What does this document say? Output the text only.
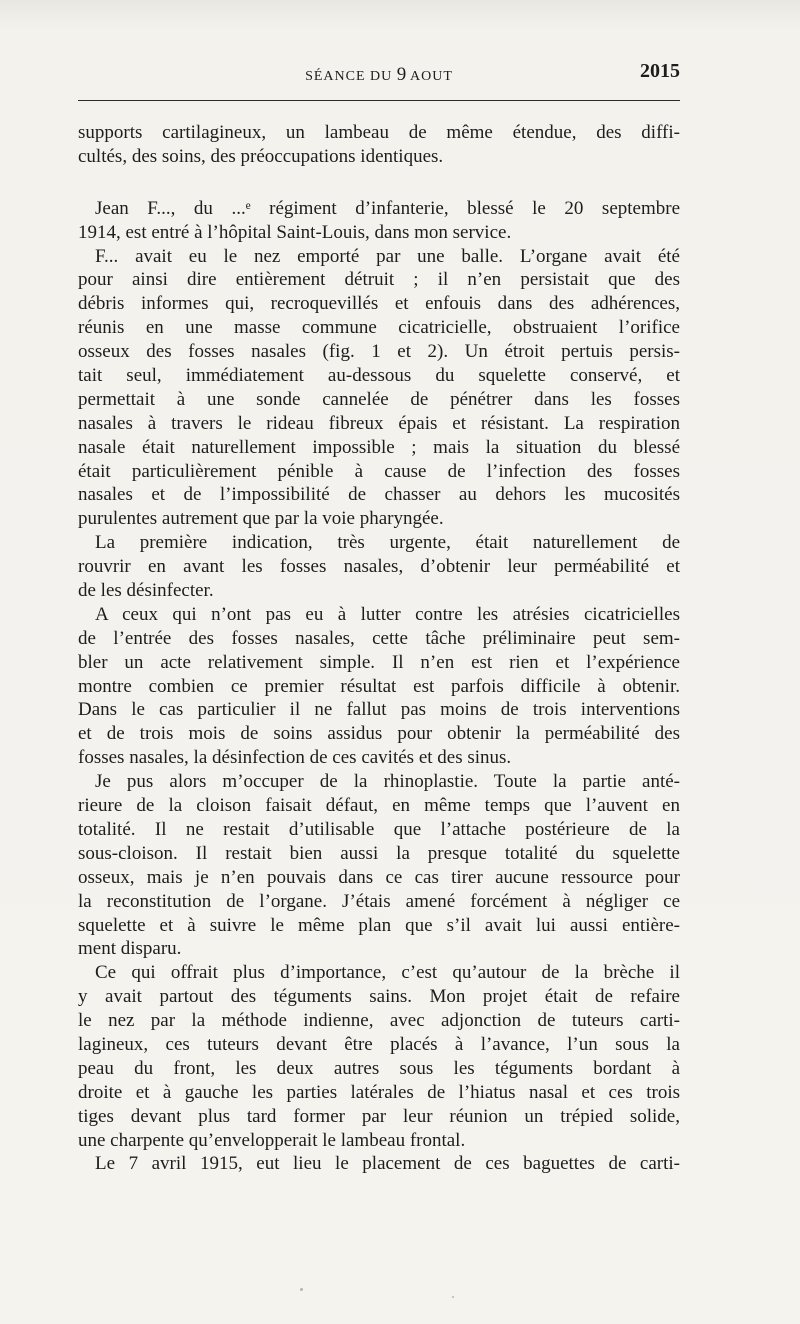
SÉANCE DU 9 AOUT	2015
supports cartilagineux, un lambeau de même étendue, des diffi-
cultés, des soins, des préoccupations identiques.
Jean F..., du ...ᵉ régiment d’infanterie, blessé le 20 septembre
1914, est entré à l’hôpital Saint-Louis, dans mon service.
F... avait eu le nez emporté par une balle. L’organe avait été
pour ainsi dire entièrement détruit ; il n’en persistait que des
débris informes qui, recroquevillés et enfouis dans des adhérences,
réunis en une masse commune cicatricielle, obstruaient l’orifice
osseux des fosses nasales (fig. 1 et 2). Un étroit pertuis persis-
tait seul, immédiatement au-dessous du squelette conservé, et
permettait à une sonde cannelée de pénétrer dans les fosses
nasales à travers le rideau fibreux épais et résistant. La respiration
nasale était naturellement impossible ; mais la situation du blessé
était particulièrement pénible à cause de l’infection des fosses
nasales et de l’impossibilité de chasser au dehors les mucosités
purulentes autrement que par la voie pharyngée.
La première indication, très urgente, était naturellement de
rouvrir en avant les fosses nasales, d’obtenir leur perméabilité et
de les désinfecter.
A ceux qui n’ont pas eu à lutter contre les atrésies cicatricielles
de l’entrée des fosses nasales, cette tâche préliminaire peut sem-
bler un acte relativement simple. Il n’en est rien et l’expérience
montre combien ce premier résultat est parfois difficile à obtenir.
Dans le cas particulier il ne fallut pas moins de trois interventions
et de trois mois de soins assidus pour obtenir la perméabilité des
fosses nasales, la désinfection de ces cavités et des sinus.
Je pus alors m’occuper de la rhinoplastie. Toute la partie anté-
rieure de la cloison faisait défaut, en même temps que l’auvent en
totalité. Il ne restait d’utilisable que l’attache postérieure de la
sous-cloison. Il restait bien aussi la presque totalité du squelette
osseux, mais je n’en pouvais dans ce cas tirer aucune ressource pour
la reconstitution de l’organe. J’étais amené forcément à négliger ce
squelette et à suivre le même plan que s’il avait lui aussi entière-
ment disparu.
Ce qui offrait plus d’importance, c’est qu’autour de la brèche il
y avait partout des téguments sains. Mon projet était de refaire
le nez par la méthode indienne, avec adjonction de tuteurs carti-
lagineux, ces tuteurs devant être placés à l’avance, l’un sous la
peau du front, les deux autres sous les téguments bordant à
droite et à gauche les parties latérales de l’hiatus nasal et ces trois
tiges devant plus tard former par leur réunion un trépied solide,
une charpente qu’envelopperait le lambeau frontal.
Le 7 avril 1915, eut lieu le placement de ces baguettes de carti-
